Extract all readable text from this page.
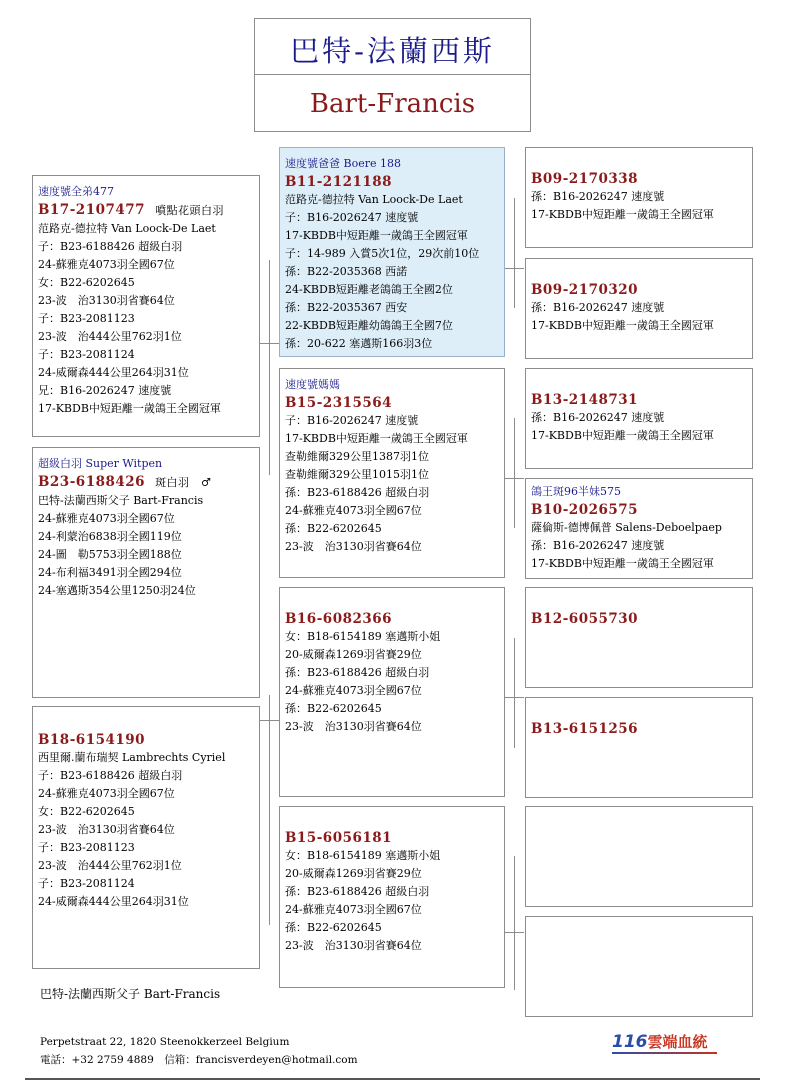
巴特-法蘭西斯
Bart-Francis
速度號全弟477
B17-2107477 噴點花頭白羽
范路克-德拉特 Van Loock-De Laet
子：B23-6188426 超級白羽
24-蘇雅克4073羽全國67位
女：B22-6202645
23-波　治3130羽省賽64位
子：B23-2081123
23-波　治444公里762羽1位
子：B23-2081124
24-威爾森444公里264羽31位
兄：B16-2026247 速度號
17-KBDB中短距離一歲鴿王全國冠軍
超級白羽 Super Witpen
B23-6188426 斑白羽　♂
巴特-法蘭西斯父子 Bart-Francis
24-蘇雅克4073羽全國67位
24-利蒙治6838羽全國119位
24-圖　勒5753羽全國188位
24-布利福3491羽全國294位
24-塞邁斯354公里1250羽24位
B18-6154190
西里爾.蘭布瑞契 Lambrechts Cyriel
子：B23-6188426 超級白羽
24-蘇雅克4073羽全國67位
女：B22-6202645
23-波　治3130羽省賽64位
子：B23-2081123
23-波　治444公里762羽1位
子：B23-2081124
24-威爾森444公里264羽31位
速度號爸爸 Boere 188
B11-2121188
范路克-德拉特 Van Loock-De Laet
子：B16-2026247 速度號
17-KBDB中短距離一歲鴿王全國冠軍
子：14-989 入賞5次1位，29次前10位
孫：B22-2035368 西諾
24-KBDB短距離老鴿鴿王全國2位
孫：B22-2035367 西安
22-KBDB短距離幼鴿鴿王全國7位
孫：20-622 塞邁斯166羽3位
速度號媽媽
B15-2315564
子：B16-2026247 速度號
17-KBDB中短距離一歲鴿王全國冠軍
查勒維爾329公里1387羽1位
查勒維爾329公里1015羽1位
孫：B23-6188426 超級白羽
24-蘇雅克4073羽全國67位
孫：B22-6202645
23-波　治3130羽省賽64位
B16-6082366
女：B18-6154189 塞邁斯小姐
20-威爾森1269羽省賽29位
孫：B23-6188426 超級白羽
24-蘇雅克4073羽全國67位
孫：B22-6202645
23-波　治3130羽省賽64位
B15-6056181
女：B18-6154189 塞邁斯小姐
20-威爾森1269羽省賽29位
孫：B23-6188426 超級白羽
24-蘇雅克4073羽全國67位
孫：B22-6202645
23-波　治3130羽省賽64位
B09-2170338
孫：B16-2026247 速度號
17-KBDB中短距離一歲鴿王全國冠軍
B09-2170320
孫：B16-2026247 速度號
17-KBDB中短距離一歲鴿王全國冠軍
B13-2148731
孫：B16-2026247 速度號
17-KBDB中短距離一歲鴿王全國冠軍
鴿王斑96半妹575
B10-2026575
薩倫斯-德博佩普 Salens-Deboelpaep
孫：B16-2026247 速度號
17-KBDB中短距離一歲鴿王全國冠軍
B12-6055730
B13-6151256
巴特-法蘭西斯父子 Bart-Francis
Perpetstraat 22, 1820 Steenokkerzeel Belgium
電話：+32 2759 4889　信箱：francisverdeyen@hotmail.com
116雲端血統
